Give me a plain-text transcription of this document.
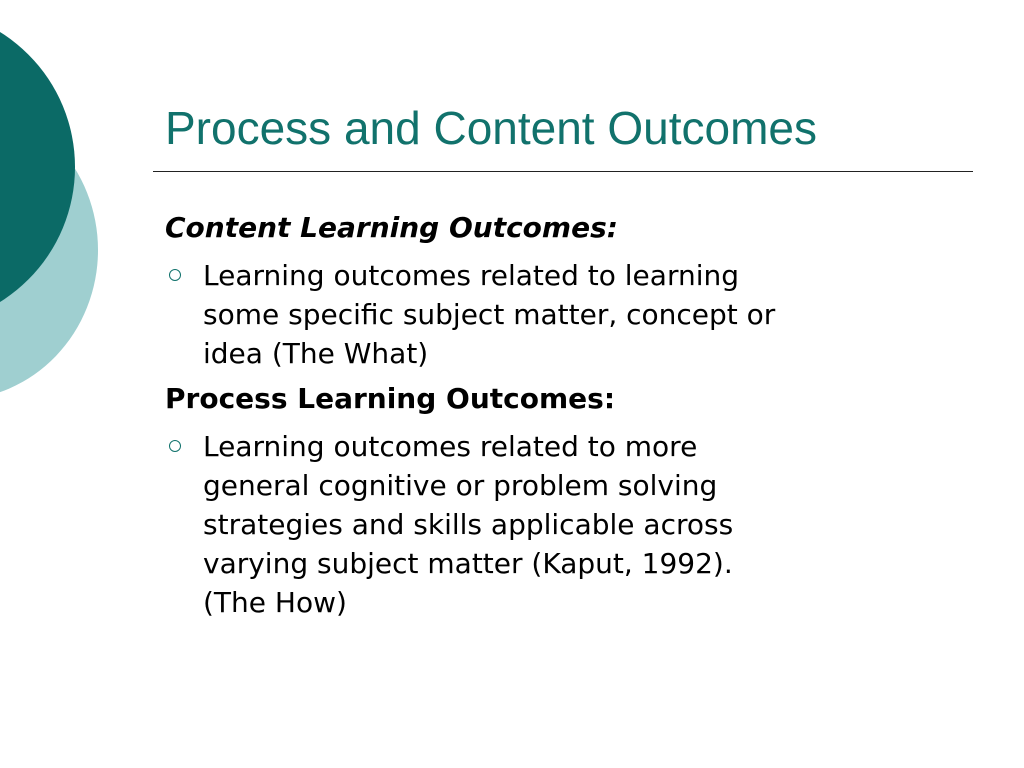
Process and Content Outcomes
Content Learning Outcomes:
Learning outcomes related to learning
some specific subject matter, concept or
idea (The What)
Process Learning Outcomes:
Learning outcomes related to more
general cognitive or problem solving
strategies and skills applicable across
varying subject matter (Kaput, 1992).
(The How)
